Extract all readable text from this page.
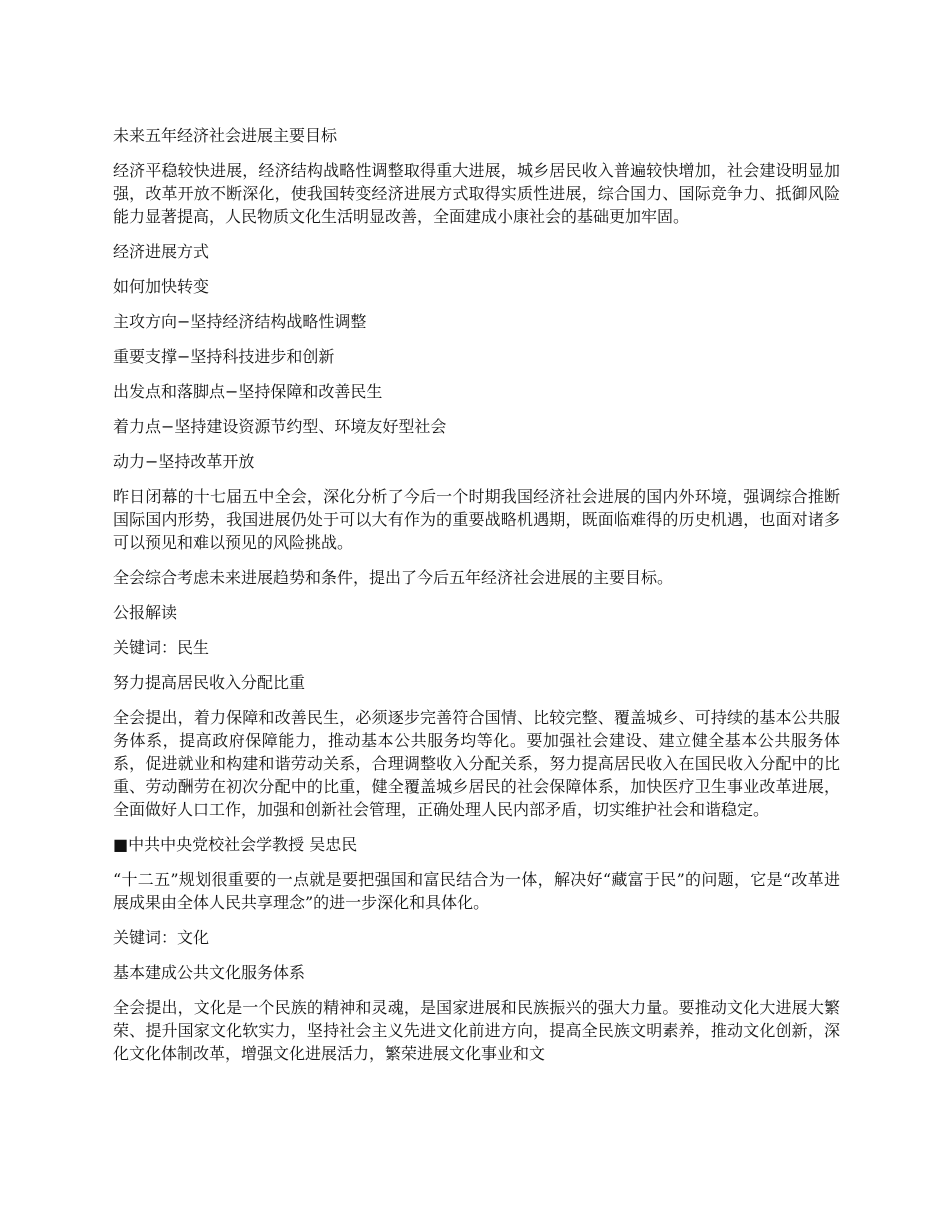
未来五年经济社会进展主要目标

经济平稳较快进展，经济结构战略性调整取得重大进展，城乡居民收入普遍较快增加，社会建设明显加强，改革开放不断深化，使我国转变经济进展方式取得实质性进展，综合国力、国际竞争力、抵御风险能力显著提高，人民物质文化生活明显改善，全面建成小康社会的基础更加牢固。

经济进展方式

如何加快转变

主攻方向−坚持经济结构战略性调整

重要支撑−坚持科技进步和创新

出发点和落脚点−坚持保障和改善民生

着力点−坚持建设资源节约型、环境友好型社会

动力−坚持改革开放

昨日闭幕的十七届五中全会，深化分析了今后一个时期我国经济社会进展的国内外环境，强调综合推断国际国内形势，我国进展仍处于可以大有作为的重要战略机遇期，既面临难得的历史机遇，也面对诸多可以预见和难以预见的风险挑战。

全会综合考虑未来进展趋势和条件，提出了今后五年经济社会进展的主要目标。

公报解读

关键词：民生

努力提高居民收入分配比重

全会提出，着力保障和改善民生，必须逐步完善符合国情、比较完整、覆盖城乡、可持续的基本公共服务体系，提高政府保障能力，推动基本公共服务均等化。要加强社会建设、建立健全基本公共服务体系，促进就业和构建和谐劳动关系，合理调整收入分配关系，努力提高居民收入在国民收入分配中的比重、劳动酬劳在初次分配中的比重，健全覆盖城乡居民的社会保障体系，加快医疗卫生事业改革进展，全面做好人口工作，加强和创新社会管理，正确处理人民内部矛盾，切实维护社会和谐稳定。

■中共中央党校社会学教授 吴忠民

“十二五”规划很重要的一点就是要把强国和富民结合为一体，解决好“藏富于民”的问题，它是“改革进展成果由全体人民共享理念”的进一步深化和具体化。

关键词：文化

基本建成公共文化服务体系

全会提出，文化是一个民族的精神和灵魂，是国家进展和民族振兴的强大力量。要推动文化大进展大繁荣、提升国家文化软实力，坚持社会主义先进文化前进方向，提高全民族文明素养，推动文化创新，深化文化体制改革，增强文化进展活力，繁荣进展文化事业和文
